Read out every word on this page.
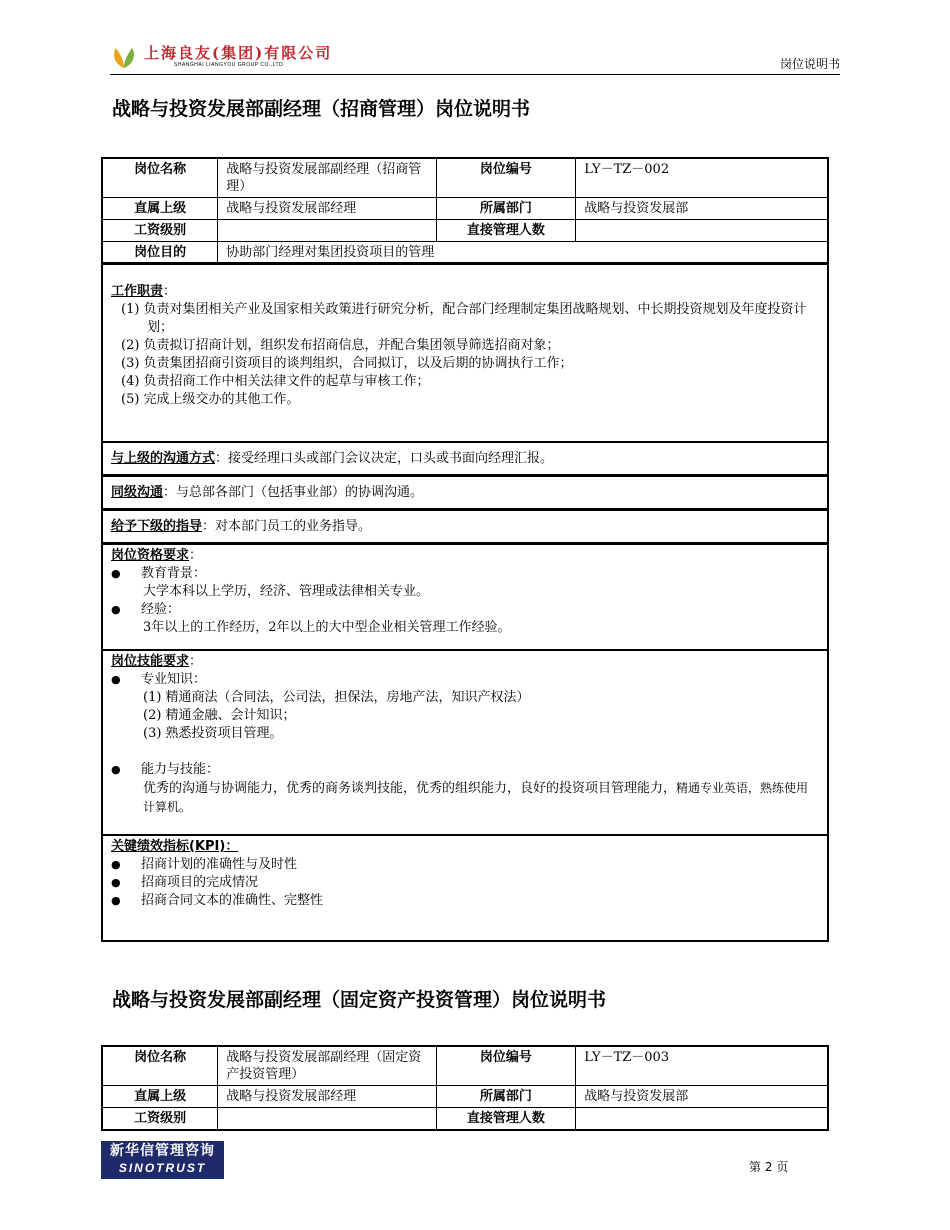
上海良友(集团)有限公司
SHANGHAI LIANGYOU GROUP CO.,LTD	岗位说明书
战略与投资发展部副经理（招商管理）岗位说明书
岗位名称	战略与投资发展部副经理（招商管理）	岗位编号	LY－TZ－002
直属上级	战略与投资发展部经理	所属部门	战略与投资发展部
工资级别		直接管理人数	
岗位目的	协助部门经理对集团投资项目的管理		
工作职责：
(1) 负责对集团相关产业及国家相关政策进行研究分析，配合部门经理制定集团战略规划、中长期投资规划及年度投资计划；
(2) 负责拟订招商计划，组织发布招商信息，并配合集团领导筛选招商对象；
(3) 负责集团招商引资项目的谈判组织，合同拟订，以及后期的协调执行工作；
(4) 负责招商工作中相关法律文件的起草与审核工作；
(5) 完成上级交办的其他工作。
与上级的沟通方式：接受经理口头或部门会议决定，口头或书面向经理汇报。
同级沟通：与总部各部门（包括事业部）的协调沟通。
给予下级的指导：对本部门员工的业务指导。
岗位资格要求：
●
教育背景：
大学本科以上学历，经济、管理或法律相关专业。
●
经验：
3年以上的工作经历，2年以上的大中型企业相关管理工作经验。
岗位技能要求：
●
专业知识：
(1) 精通商法（合同法，公司法，担保法，房地产法，知识产权法）
(2) 精通金融、会计知识；
(3) 熟悉投资项目管理。
●
能力与技能：
优秀的沟通与协调能力，优秀的商务谈判技能，优秀的组织能力，良好的投资项目管理能力，精通专业英语，熟练使用计算机。
关键绩效指标(KPI)：
●
招商计划的准确性与及时性
●
招商项目的完成情况
●
招商合同文本的准确性、完整性
战略与投资发展部副经理（固定资产投资管理）岗位说明书
岗位名称	战略与投资发展部副经理（固定资产投资管理）	岗位编号	LY－TZ－003
直属上级	战略与投资发展部经理	所属部门	战略与投资发展部
工资级别		直接管理人数	
新华信管理咨询
SINOTRUST	第 2 页
